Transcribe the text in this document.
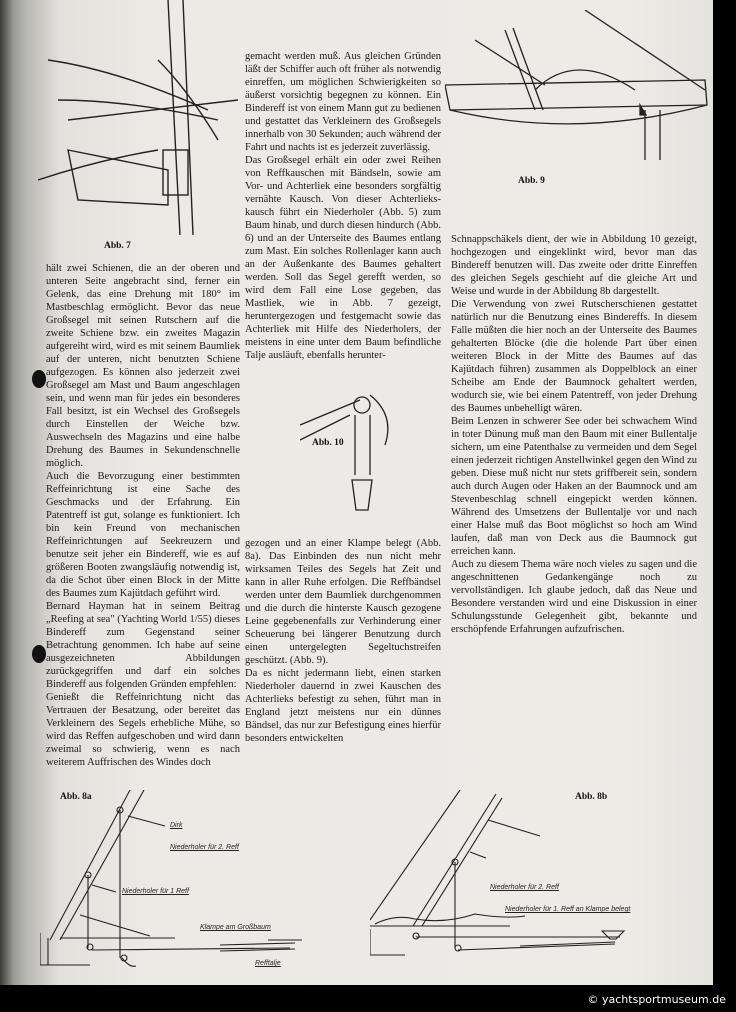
Abb. 7
Abb. 9
Abb. 10

hält zwei Schienen, die an der oberen und unteren Seite angebracht sind, ferner ein Gelenk, das eine Drehung mit 180° im Mastbeschlag ermöglicht. Bevor das neue Großsegel mit seinen Rutschern auf die zweite Schiene bzw. ein zweites Magazin aufgereiht wird, wird es mit seinem Baumliek auf der unteren, nicht benutzten Schiene aufgezogen. Es können also jederzeit zwei Großsegel am Mast und Baum angeschlagen sein, und wenn man für jedes ein besonderes Fall besitzt, ist ein Wechsel des Großsegels durch Einstellen der Weiche bzw. Auswechseln des Magazins und eine halbe Drehung des Baumes in Sekundenschnelle möglich.

Auch die Bevorzugung einer bestimmten Reffeinrichtung ist eine Sache des Geschmacks und der Erfahrung. Ein Patentreff ist gut, solange es funktioniert. Ich bin kein Freund von mechanischen Reffeinrichtungen auf Seekreuzern und benutze seit jeher ein Bindereff, wie es auf größeren Booten zwangsläufig notwendig ist, da die Schot über einen Block in der Mitte des Baumes zum Kajütdach geführt wird.

Bernard Hayman hat in seinem Beitrag „Reefing at sea" (Yachting World 1/55) dieses Bindereff zum Gegenstand seiner Betrachtung genommen. Ich habe auf seine ausgezeichneten Abbildungen zurückgegriffen und darf ein solches Bindereff aus folgenden Gründen empfehlen:

Genießt die Reffeinrichtung nicht das Vertrauen der Besatzung, oder bereitet das Verkleinern des Segels erhebliche Mühe, so wird das Reffen aufgeschoben und wird dann zweimal so schwierig, wenn es nach weiterem Auffrischen des Windes doch

gemacht werden muß. Aus gleichen Gründen läßt der Schiffer auch oft früher als notwendig einreffen, um möglichen Schwierigkeiten so äußerst vorsichtig begegnen zu können. Ein Bindereff ist von einem Mann gut zu bedienen und gestattet das Verkleinern des Großsegels innerhalb von 30 Sekunden; auch während der Fahrt und nachts ist es jederzeit zuverlässig.

Das Großsegel erhält ein oder zwei Reihen von Reffkauschen mit Bändseln, sowie am Vor- und Achterliek eine besonders sorgfältig vernähte Kausch. Von dieser Achterliekskausch führt ein Niederholer (Abb. 5) zum Baum hinab, und durch diesen hindurch (Abb. 6) und an der Unterseite des Baumes entlang zum Mast. Ein solches Rollenlager kann auch an der Außenkante des Baumes gehaltert werden. Soll das Segel gerefft werden, so wird dem Fall eine Lose gegeben, das Mastliek, wie in Abb. 7 gezeigt, heruntergezogen und festgemacht sowie das Achterliek mit Hilfe des Niederholers, der meistens in eine unter dem Baum befindliche Talje ausläuft, ebenfalls herunter-

gezogen und an einer Klampe belegt (Abb. 8a). Das Einbinden des nun nicht mehr wirksamen Teiles des Segels hat Zeit und kann in aller Ruhe erfolgen. Die Reffbändsel werden unter dem Baumliek durchgenommen und die durch die hinterste Kausch gezogene Leine gegebenenfalls zur Verhinderung einer Scheuerung bei längerer Benutzung durch einen untergelegten Segeltuchstreifen geschützt. (Abb. 9).

Da es nicht jedermann liebt, einen starken Niederholer dauernd in zwei Kauschen des Achterlieks befestigt zu sehen, führt man in England jetzt meistens nur ein dünnes Bändsel, das nur zur Befestigung eines hierfür besonders entwickelten

Schnappschäkels dient, der wie in Abbildung 10 gezeigt, hochgezogen und eingeklinkt wird, bevor man das Bindereff benutzen will. Das zweite oder dritte Einreffen des gleichen Segels geschieht auf die gleiche Art und Weise und wurde in der Abbildung 8b dargestellt.

Die Verwendung von zwei Rutscherschienen gestattet natürlich nur die Benutzung eines Bindereffs. In diesem Falle müßten die hier noch an der Unterseite des Baumes gehalterten Blöcke (die die holende Part über einen weiteren Block in der Mitte des Baumes auf das Kajütdach führen) zusammen als Doppelblock an einer Scheibe am Ende der Baumnock gehaltert werden, wodurch sie, wie bei einem Patentreff, von jeder Drehung des Baumes unbehelligt wären.

Beim Lenzen in schwerer See oder bei schwachem Wind in toter Dünung muß man den Baum mit einer Bullentalje sichern, um eine Patenthalse zu vermeiden und dem Segel einen jederzeit richtigen Anstellwinkel gegen den Wind zu geben. Diese muß nicht nur stets griffbereit sein, sondern auch durch Augen oder Haken an der Baumnock und am Stevenbeschlag schnell eingepickt werden können. Während des Umsetzens der Bullentalje vor und nach einer Halse muß das Boot möglichst so hoch am Wind laufen, daß man von Deck aus die Baumnock gut erreichen kann.

Auch zu diesem Thema wäre noch vieles zu sagen und die angeschnittenen Gedankengänge noch zu vervollständigen. Ich glaube jedoch, daß das Neue und Besondere verstanden wird und eine Diskussion in einer Schulungsstunde Gelegenheit gibt, bekannte und erschöpfende Erfahrungen aufzufrischen.

Abb. 8a
Dirk
Niederholer für 2. Reff
Niederholer für 1 Reff
Klampe am Großbaum
Refftalje
Abb. 8b
Niederholer für 2. Reff
Niederholer für 1. Reff an Klampe belegt
© yachtsportmuseum.de
